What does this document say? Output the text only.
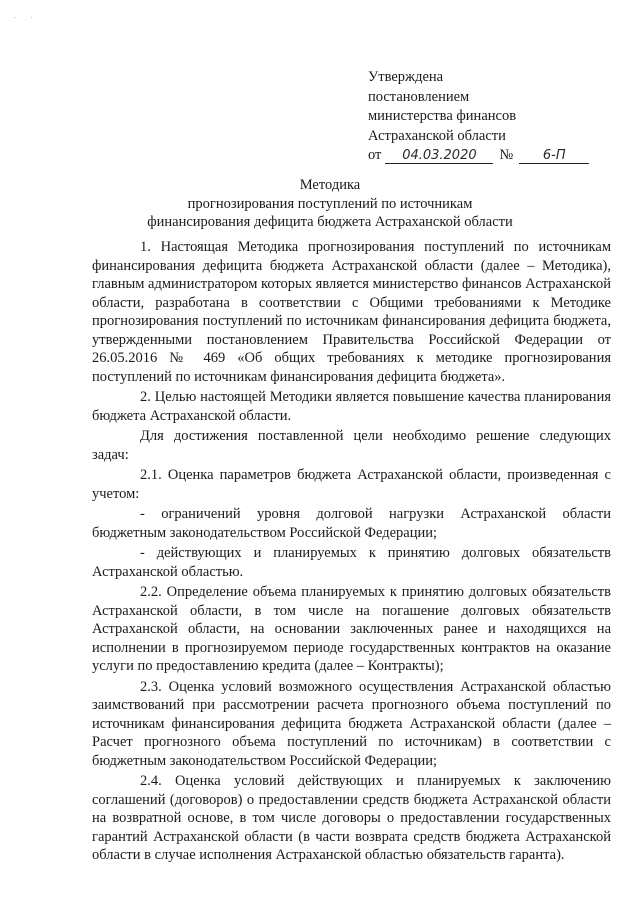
. .
Утверждена
постановлением
министерства финансов
Астраханской области
от 04.03.2020 № 6-П
Методика
прогнозирования поступлений по источникам
финансирования дефицита бюджета Астраханской области

1. Настоящая Методика прогнозирования поступлений по источникам финансирования дефицита бюджета Астраханской области (далее – Методика), главным администратором которых является министерство финансов Астраханской области, разработана в соответствии с Общими требованиями к Методике прогнозирования поступлений по источникам финансирования дефицита бюджета, утвержденными постановлением Правительства Российской Федерации от 26.05.2016 № 469 «Об общих требованиях к методике прогнозирования поступлений по источникам финансирования дефицита бюджета».

2. Целью настоящей Методики является повышение качества планирования бюджета Астраханской области.

Для достижения поставленной цели необходимо решение следующих задач:

2.1. Оценка параметров бюджета Астраханской области, произведенная с учетом:

- ограничений уровня долговой нагрузки Астраханской области бюджетным законодательством Российской Федерации;

- действующих и планируемых к принятию долговых обязательств Астраханской областью.

2.2. Определение объема планируемых к принятию долговых обязательств Астраханской области, в том числе на погашение долговых обязательств Астраханской области, на основании заключенных ранее и находящихся на исполнении в прогнозируемом периоде государственных контрактов на оказание услуги по предоставлению кредита (далее – Контракты);

2.3. Оценка условий возможного осуществления Астраханской областью заимствований при рассмотрении расчета прогнозного объема поступлений по источникам финансирования дефицита бюджета Астраханской области (далее – Расчет прогнозного объема поступлений по источникам) в соответствии с бюджетным законодательством Российской Федерации;

2.4. Оценка условий действующих и планируемых к заключению соглашений (договоров) о предоставлении средств бюджета Астраханской области на возвратной основе, в том числе договоры о предоставлении государственных гарантий Астраханской области (в части возврата средств бюджета Астраханской области в случае исполнения Астраханской областью обязательств гаранта).
